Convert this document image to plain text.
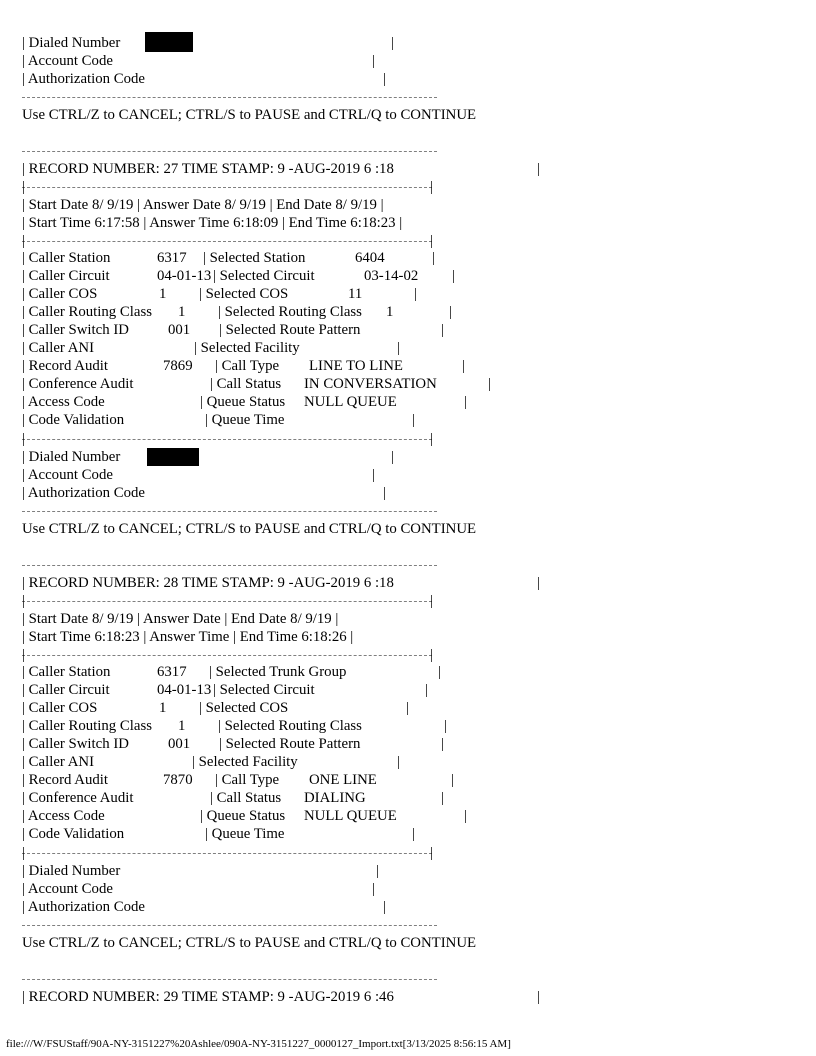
| Dialed Number	|
| Account Code	|
| Authorization Code	|
Use CTRL/Z to CANCEL; CTRL/S to PAUSE and CTRL/Q to CONTINUE
| RECORD NUMBER: 27 TIME STAMP: 9 -AUG-2019 6 :18	|
|	|
| Start Date 8/ 9/19 | Answer Date 8/ 9/19 | End Date 8/ 9/19 |
| Start Time 6:17:58 | Answer Time 6:18:09 | End Time 6:18:23 |
|	|
| Caller Station	6317 | Selected Station	6404	|
| Caller Circuit	04-01-13 | Selected Circuit	03-14-02 |
| Caller COS	1 | Selected COS	11	|
| Caller Routing Class 1 | Selected Routing Class 1	|
| Caller Switch ID	001 | Selected Route Pattern	|
| Caller ANI	| Selected Facility	|
| Record Audit	7869 | Call Type LINE TO LINE	|
| Conference Audit	| Call Status IN CONVERSATION	|
| Access Code	| Queue Status NULL QUEUE	|
| Code Validation	| Queue Time	|
|	|
| Dialed Number	|
| Account Code	|
| Authorization Code	|
Use CTRL/Z to CANCEL; CTRL/S to PAUSE and CTRL/Q to CONTINUE
| RECORD NUMBER: 28 TIME STAMP: 9 -AUG-2019 6 :18	|
|	|
| Start Date 8/ 9/19 | Answer Date | End Date 8/ 9/19 |
| Start Time 6:18:23 | Answer Time | End Time 6:18:26 |
|	|
| Caller Station	6317 | Selected Trunk Group	|
| Caller Circuit	04-01-13 | Selected Circuit	|
| Caller COS	1 | Selected COS	|
| Caller Routing Class 1 | Selected Routing Class	|
| Caller Switch ID	001 | Selected Route Pattern	|
| Caller ANI	| Selected Facility	|
| Record Audit	7870 | Call Type ONE LINE	|
| Conference Audit	| Call Status DIALING	|
| Access Code	| Queue Status NULL QUEUE	|
| Code Validation	| Queue Time	|
|	|
| Dialed Number	|
| Account Code	|
| Authorization Code	|
Use CTRL/Z to CANCEL; CTRL/S to PAUSE and CTRL/Q to CONTINUE
| RECORD NUMBER: 29 TIME STAMP: 9 -AUG-2019 6 :46	|
file:///W/FSUStaff/90A-NY-3151227%20Ashlee/090A-NY-3151227_0000127_Import.txt[3/13/2025 8:56:15 AM]
